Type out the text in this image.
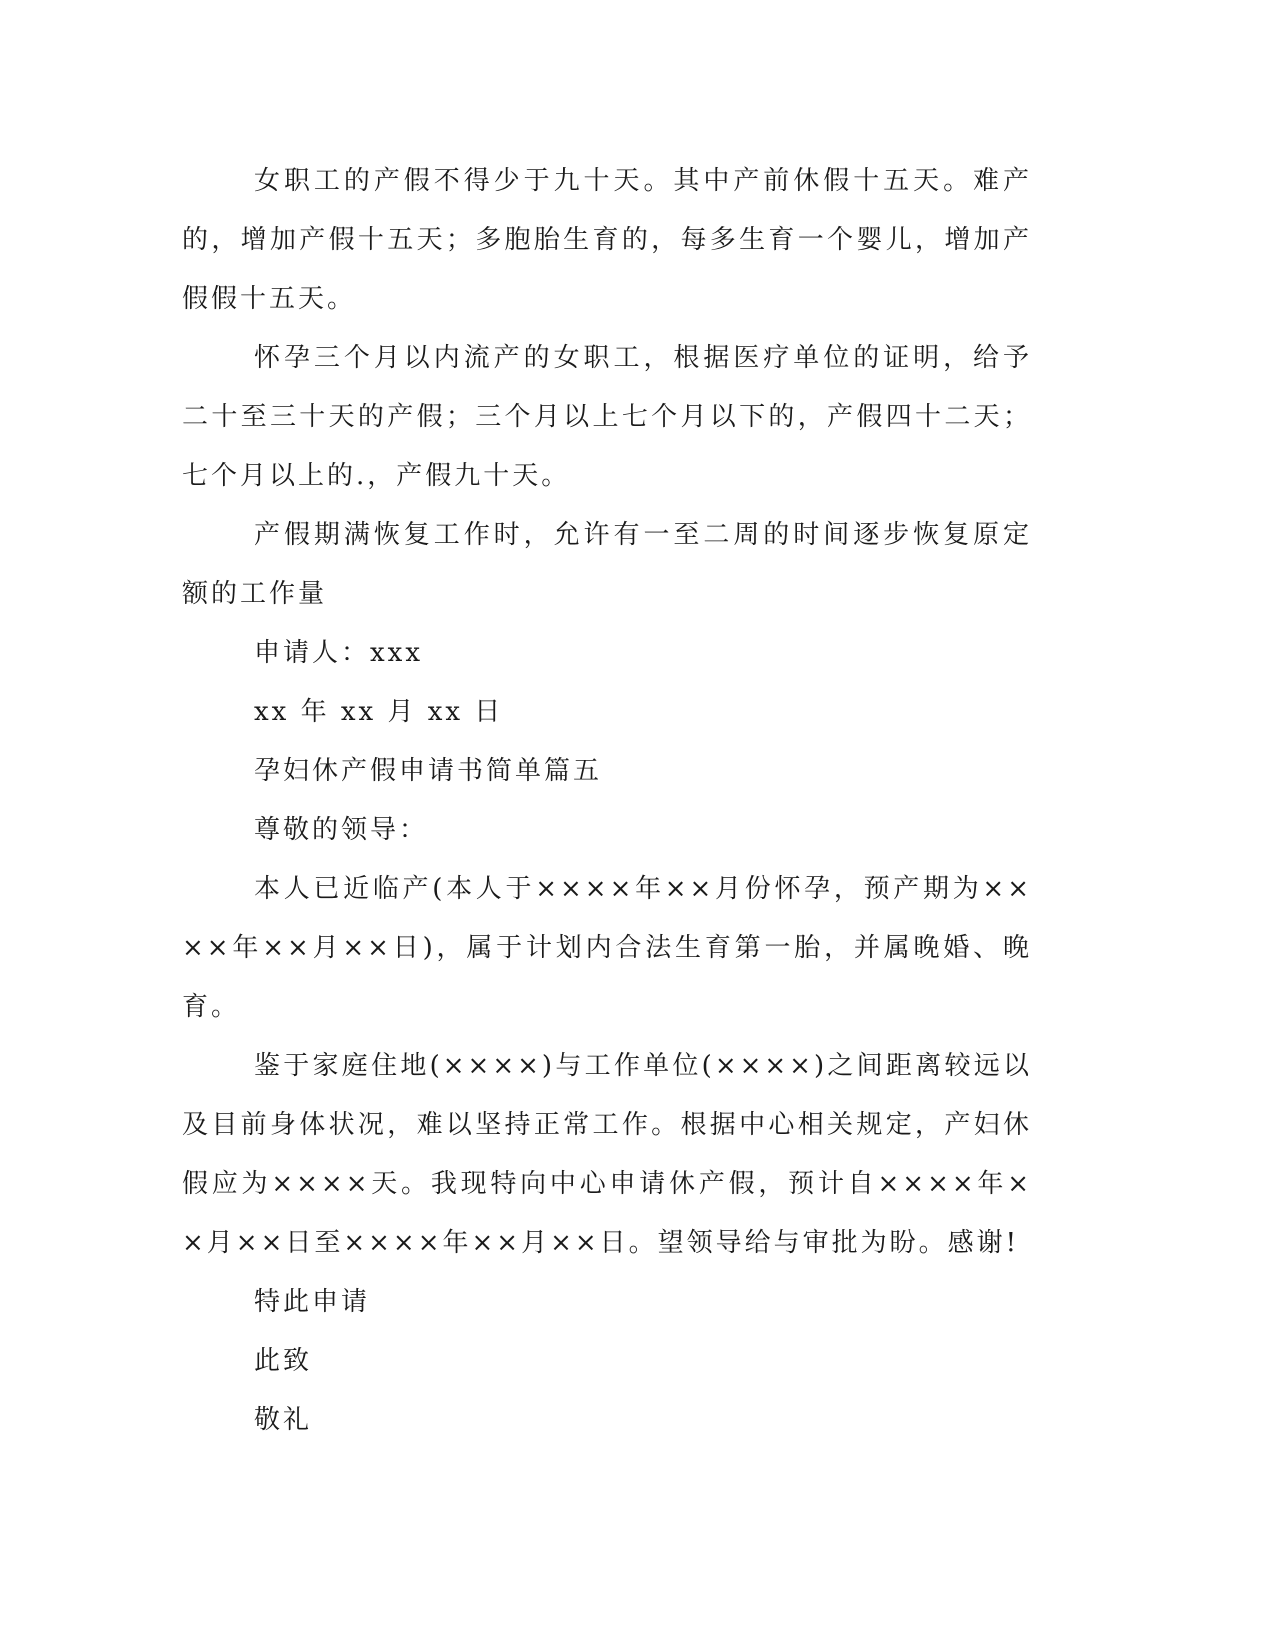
女职工的产假不得少于九十天。其中产前休假十五天。难产的，增加产假十五天；多胞胎生育的，每多生育一个婴儿，增加产假假十五天。

怀孕三个月以内流产的女职工，根据医疗单位的证明，给予二十至三十天的产假；三个月以上七个月以下的，产假四十二天；七个月以上的.，产假九十天。

产假期满恢复工作时，允许有一至二周的时间逐步恢复原定额的工作量

申请人：xxx

xx 年 xx 月 xx 日

孕妇休产假申请书简单篇五

尊敬的领导：

本人已近临产(本人于××××年××月份怀孕，预产期为××××年××月××日)，属于计划内合法生育第一胎，并属晚婚、晚育。

鉴于家庭住地(××××)与工作单位(××××)之间距离较远以及目前身体状况，难以坚持正常工作。根据中心相关规定，产妇休假应为××××天。我现特向中心申请休产假，预计自××××年××月××日至××××年××月××日。望领导给与审批为盼。感谢!

特此申请

此致

敬礼
